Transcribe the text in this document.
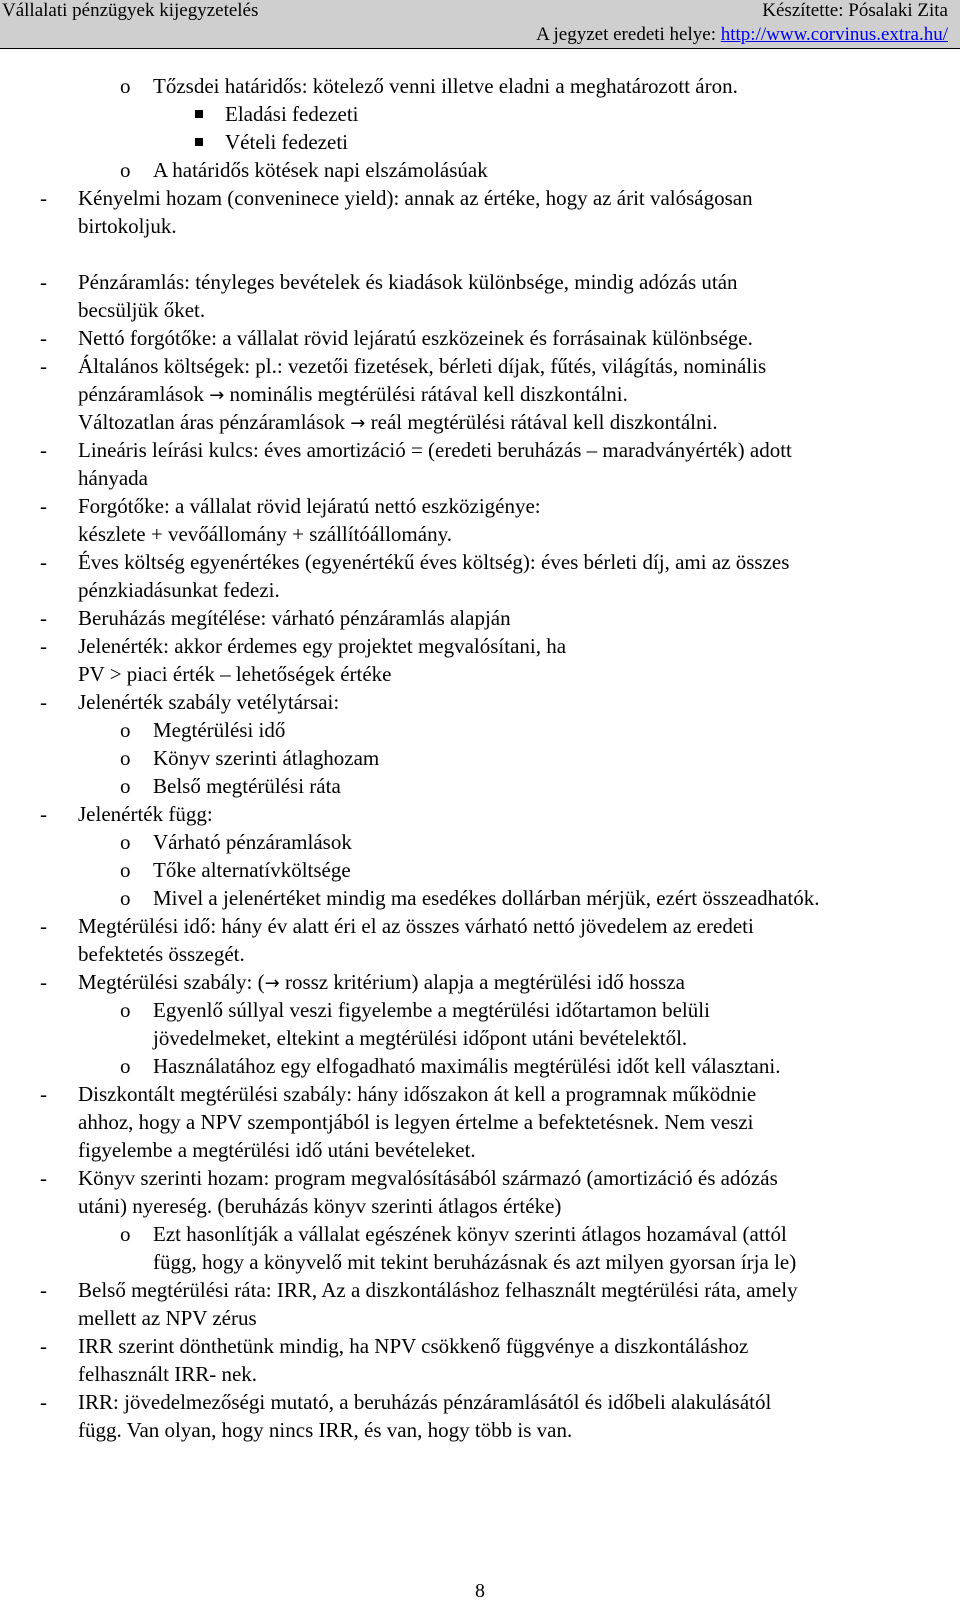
Vállalati pénzügyek kijegyzetelés	Készítette: Pósalaki Zita
A jegyzet eredeti helye: http://www.corvinus.extra.hu/
o Tőzsdei határidős: kötelező venni illetve eladni a meghatározott áron.
Eladási fedezeti
Vételi fedezeti
o A határidős kötések napi elszámolásúak
- Kényelmi hozam (conveninece yield): annak az értéke, hogy az árit valóságosan
birtokoljuk.
- Pénzáramlás: tényleges bevételek és kiadások különbsége, mindig adózás után
becsüljük őket.
- Nettó forgótőke: a vállalat rövid lejáratú eszközeinek és forrásainak különbsége.
- Általános költségek: pl.: vezetői fizetések, bérleti díjak, fűtés, világítás, nominális
pénzáramlások → nominális megtérülési rátával kell diszkontálni.
Változatlan áras pénzáramlások → reál megtérülési rátával kell diszkontálni.
- Lineáris leírási kulcs: éves amortizáció = (eredeti beruházás – maradványérték) adott
hányada
- Forgótőke: a vállalat rövid lejáratú nettó eszközigénye:
készlete + vevőállomány + szállítóállomány.
- Éves költség egyenértékes (egyenértékű éves költség): éves bérleti díj, ami az összes
pénzkiadásunkat fedezi.
- Beruházás megítélése: várható pénzáramlás alapján
- Jelenérték: akkor érdemes egy projektet megvalósítani, ha
PV > piaci érték – lehetőségek értéke
- Jelenérték szabály vetélytársai:
o Megtérülési idő
o Könyv szerinti átlaghozam
o Belső megtérülési ráta
- Jelenérték függ:
o Várható pénzáramlások
o Tőke alternatívköltsége
o Mivel a jelenértéket mindig ma esedékes dollárban mérjük, ezért összeadhatók.
- Megtérülési idő: hány év alatt éri el az összes várható nettó jövedelem az eredeti
befektetés összegét.
- Megtérülési szabály: (→ rossz kritérium) alapja a megtérülési idő hossza
o Egyenlő súllyal veszi figyelembe a megtérülési időtartamon belüli
jövedelmeket, eltekint a megtérülési időpont utáni bevételektől.
o Használatához egy elfogadható maximális megtérülési időt kell választani.
- Diszkontált megtérülési szabály: hány időszakon át kell a programnak működnie
ahhoz, hogy a NPV szempontjából is legyen értelme a befektetésnek. Nem veszi
figyelembe a megtérülési idő utáni bevételeket.
- Könyv szerinti hozam: program megvalósításából származó (amortizáció és adózás
utáni) nyereség. (beruházás könyv szerinti átlagos értéke)
o Ezt hasonlítják a vállalat egészének könyv szerinti átlagos hozamával (attól
függ, hogy a könyvelő mit tekint beruházásnak és azt milyen gyorsan írja le)
- Belső megtérülési ráta: IRR, Az a diszkontáláshoz felhasznált megtérülési ráta, amely
mellett az NPV zérus
- IRR szerint dönthetünk mindig, ha NPV csökkenő függvénye a diszkontáláshoz
felhasznált IRR- nek.
- IRR: jövedelmezőségi mutató, a beruházás pénzáramlásától és időbeli alakulásától
függ. Van olyan, hogy nincs IRR, és van, hogy több is van.
8
